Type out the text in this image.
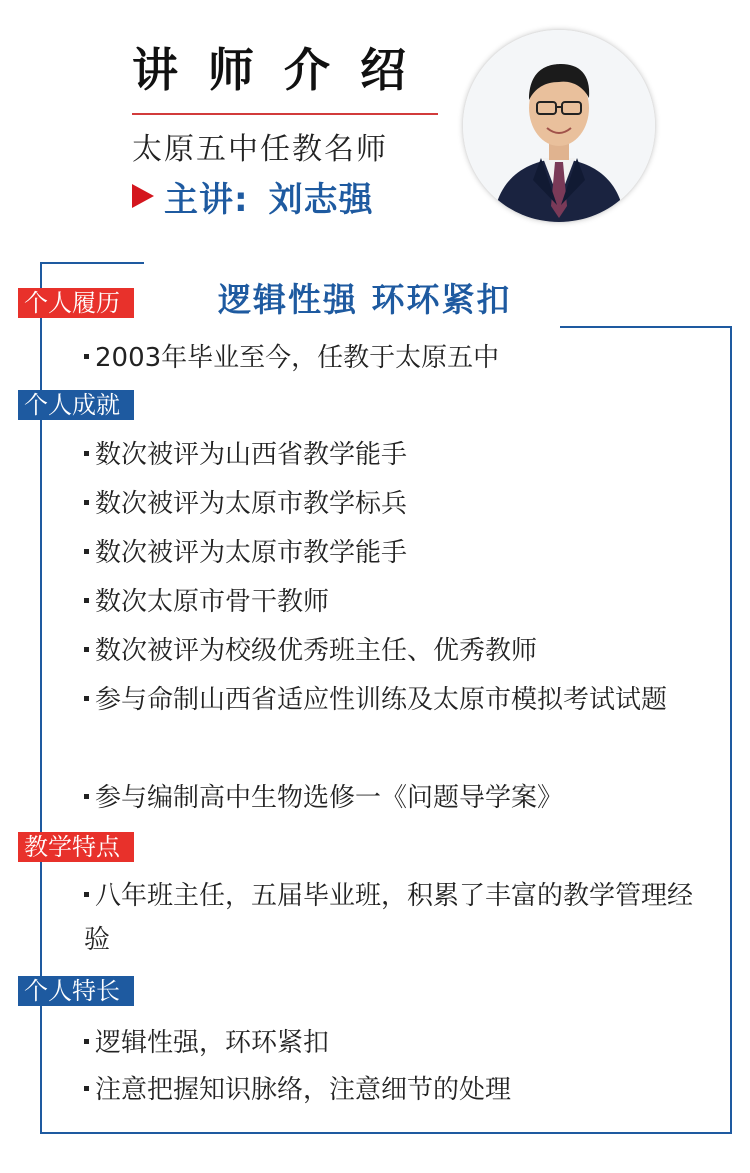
讲师介绍
太原五中任教名师
主讲: 刘志强
逻辑性强 环环紧扣
个人履历
2003年毕业至今，任教于太原五中
个人成就
数次被评为山西省教学能手
数次被评为太原市教学标兵
数次被评为太原市教学能手
数次太原市骨干教师
数次被评为校级优秀班主任、优秀教师
参与命制山西省适应性训练及太原市模拟考试试题
参与编制高中生物选修一《问题导学案》
教学特点
八年班主任，五届毕业班，积累了丰富的教学管理经验
个人特长
逻辑性强，环环紧扣
注意把握知识脉络，注意细节的处理
